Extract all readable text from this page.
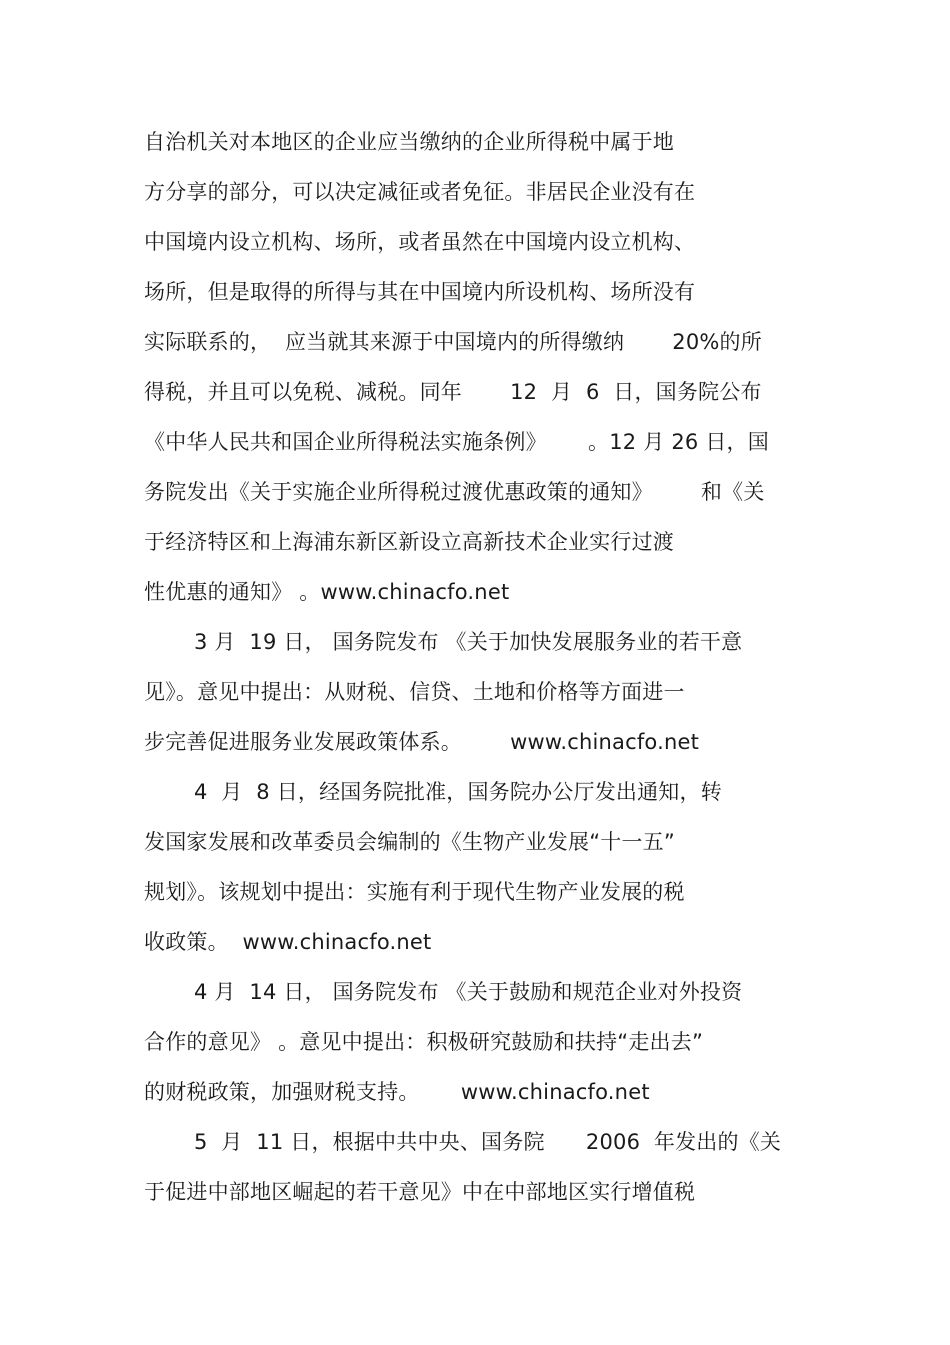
自治机关对本地区的企业应当缴纳的企业所得税中属于地
方分享的部分，可以决定减征或者免征。非居民企业没有在
中国境内设立机构、场所，或者虽然在中国境内设立机构、
场所，但是取得的所得与其在中国境内所设机构、场所没有
实际联系的，  应当就其来源于中国境内的所得缴纳       20%的所
得税，并且可以免税、减税。同年       12  月  6  日，国务院公布
《中华人民共和国企业所得税法实施条例》      。12 月 26 日，国
务院发出《关于实施企业所得税过渡优惠政策的通知》       和《关
于经济特区和上海浦东新区新设立高新技术企业实行过渡
性优惠的通知》 。www.chinacfo.net
3 月  19 日， 国务院发布 《关于加快发展服务业的若干意
见》。意见中提出：从财税、信贷、土地和价格等方面进一
步完善促进服务业发展政策体系。       www.chinacfo.net
4  月  8 日，经国务院批准，国务院办公厅发出通知，转
发国家发展和改革委员会编制的《生物产业发展“十一五”
规划》。该规划中提出：实施有利于现代生物产业发展的税
收政策。  www.chinacfo.net
4 月  14 日， 国务院发布 《关于鼓励和规范企业对外投资
合作的意见》 。意见中提出：积极研究鼓励和扶持“走出去”
的财税政策，加强财税支持。      www.chinacfo.net
5  月  11 日，根据中共中央、国务院      2006  年发出的《关
于促进中部地区崛起的若干意见》中在中部地区实行增值税
